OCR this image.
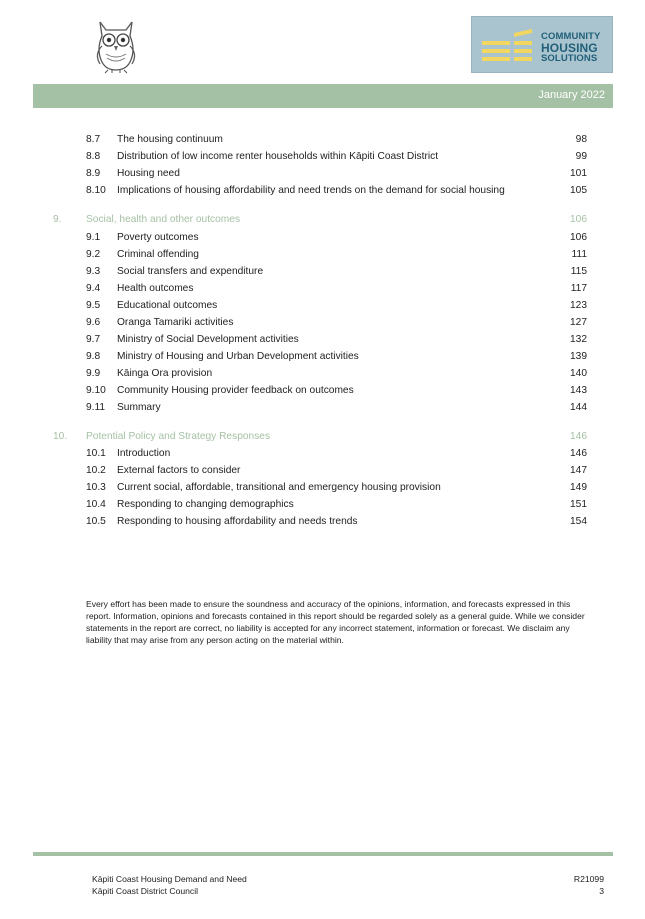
COMMUNITY
HOUSING
SOLUTIONS
January 2022
8.7 The housing continuum	98
8.8 Distribution of low income renter households within Kāpiti Coast District	99
8.9 Housing need	101
8.10 Implications of housing affordability and need trends on the demand for social housing	105
9. Social, health and other outcomes	106
9.1 Poverty outcomes	106
9.2 Criminal offending	111
9.3 Social transfers and expenditure	115
9.4 Health outcomes	117
9.5 Educational outcomes	123
9.6 Oranga Tamariki activities	127
9.7 Ministry of Social Development activities	132
9.8 Ministry of Housing and Urban Development activities	139
9.9 Kāinga Ora provision	140
9.10 Community Housing provider feedback on outcomes	143
9.11 Summary	144
10. Potential Policy and Strategy Responses	146
10.1 Introduction	146
10.2 External factors to consider	147
10.3 Current social, affordable, transitional and emergency housing provision	149
10.4 Responding to changing demographics	151
10.5 Responding to housing affordability and needs trends	154
Every effort has been made to ensure the soundness and accuracy of the opinions, information, and forecasts expressed in this report. Information, opinions and forecasts contained in this report should be regarded solely as a general guide. While we consider statements in the report are correct, no liability is accepted for any incorrect statement, information or forecast. We disclaim any liability that may arise from any person acting on the material within.
Kāpiti Coast Housing Demand and Need
Kāpiti Coast District Council
R21099
3
